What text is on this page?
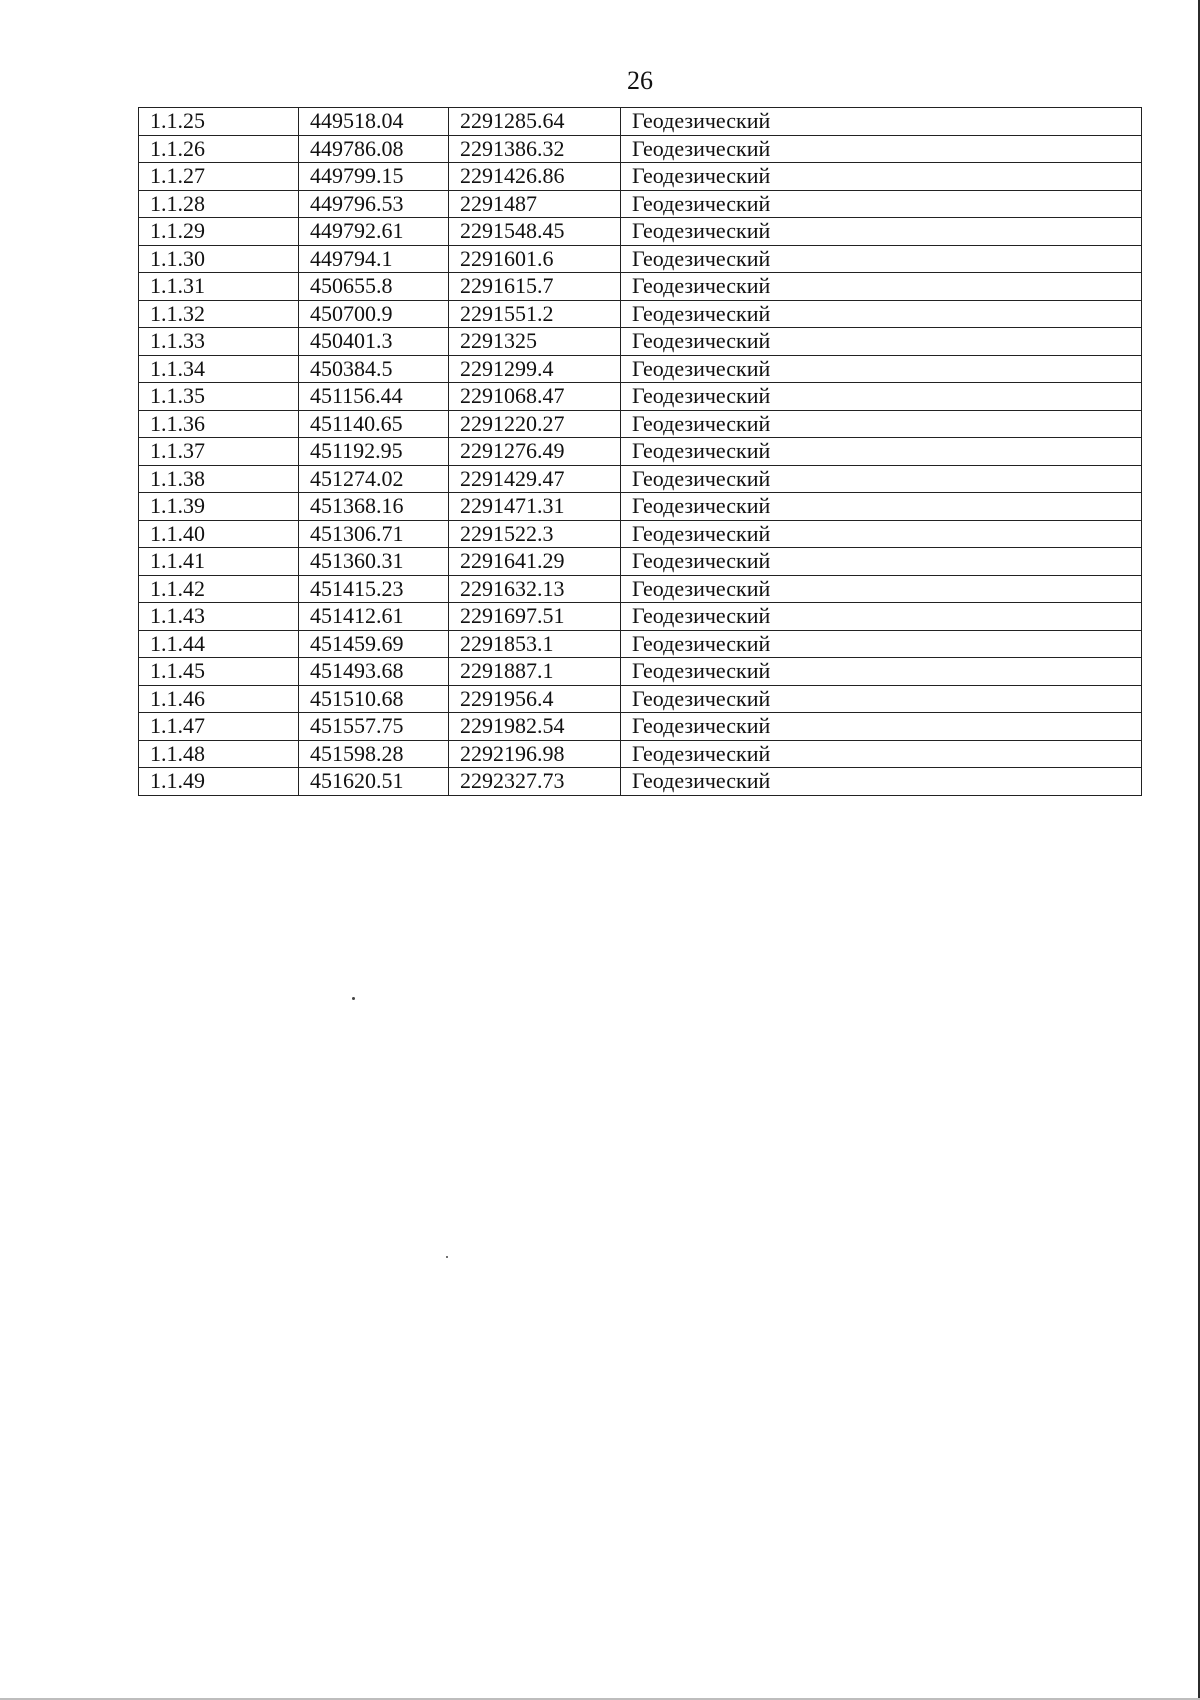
26
1.1.25	449518.04	2291285.64	Геодезический
1.1.26	449786.08	2291386.32	Геодезический
1.1.27	449799.15	2291426.86	Геодезический
1.1.28	449796.53	2291487	Геодезический
1.1.29	449792.61	2291548.45	Геодезический
1.1.30	449794.1	2291601.6	Геодезический
1.1.31	450655.8	2291615.7	Геодезический
1.1.32	450700.9	2291551.2	Геодезический
1.1.33	450401.3	2291325	Геодезический
1.1.34	450384.5	2291299.4	Геодезический
1.1.35	451156.44	2291068.47	Геодезический
1.1.36	451140.65	2291220.27	Геодезический
1.1.37	451192.95	2291276.49	Геодезический
1.1.38	451274.02	2291429.47	Геодезический
1.1.39	451368.16	2291471.31	Геодезический
1.1.40	451306.71	2291522.3	Геодезический
1.1.41	451360.31	2291641.29	Геодезический
1.1.42	451415.23	2291632.13	Геодезический
1.1.43	451412.61	2291697.51	Геодезический
1.1.44	451459.69	2291853.1	Геодезический
1.1.45	451493.68	2291887.1	Геодезический
1.1.46	451510.68	2291956.4	Геодезический
1.1.47	451557.75	2291982.54	Геодезический
1.1.48	451598.28	2292196.98	Геодезический
1.1.49	451620.51	2292327.73	Геодезический
